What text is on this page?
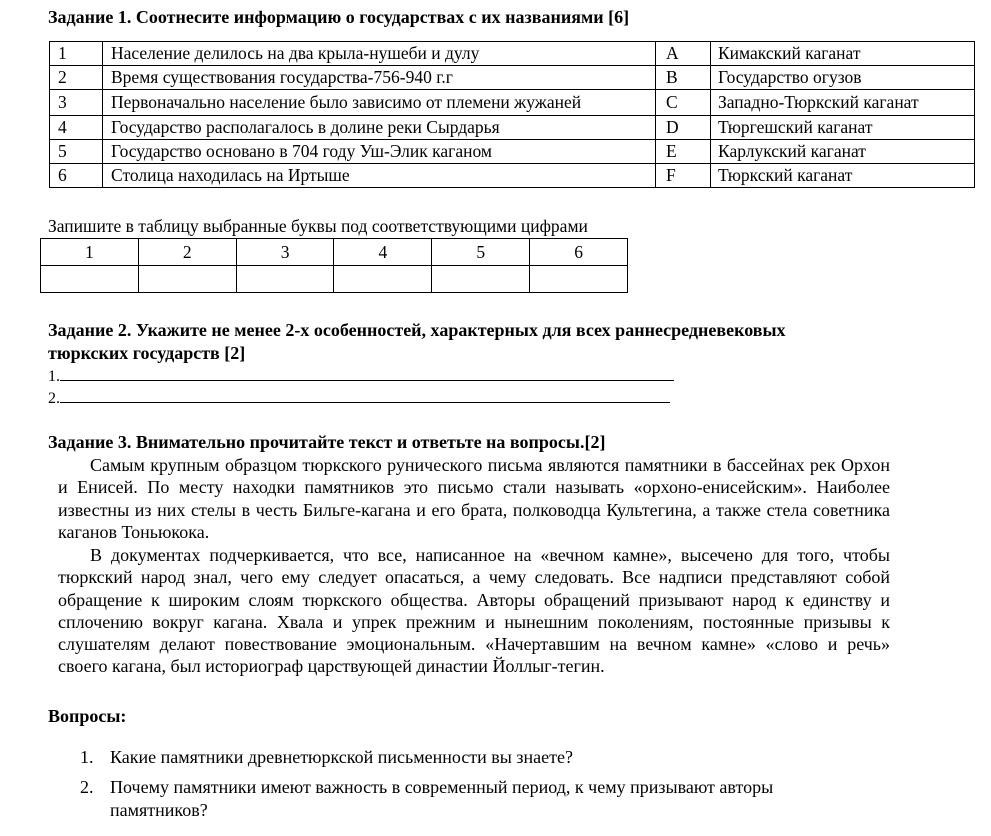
Задание 1. Соотнесите информацию о государствах с их названиями [6]
1	Население делилось на два крыла-нушеби и дулу	A	Кимакский каганат
2	Время существования государства-756-940 г.г	B	Государство огузов
3	Первоначально население было зависимо от племени жужаней	C	Западно-Тюркский каганат
4	Государство располагалось в долине реки Сырдарья	D	Тюргешский каганат
5	Государство основано в 704 году Уш-Элик каганом	E	Карлукский каганат
6	Столица находилась на Иртыше	F	Тюркский каганат
Запишите в таблицу выбранные буквы под соответствующими цифрами
1	2	3	4	5	6

Задание 2. Укажите не менее 2-х особенностей, характерных для всех раннесредневековых
тюркских государств [2]
1.
2.
Задание 3. Внимательно прочитайте текст и ответьте на вопросы.[2]

Самым крупным образцом тюркского рунического письма являются памятники в бассейнах рек Орхон и Енисей. По месту находки памятников это письмо стали называть «орхоно-енисейским». Наиболее известны из них стелы в честь Бильге-кагана и его брата, полководца Культегина, а также стела советника каганов Тоньюкока.

В документах подчеркивается, что все, написанное на «вечном камне», высечено для того, чтобы тюркский народ знал, чего ему следует опасаться, а чему следовать. Все надписи представляют собой обращение к широким слоям тюркского общества. Авторы обращений призывают народ к единству и сплочению вокруг кагана. Хвала и упрек прежним и нынешним поколениям, постоянные призывы к слушателям делают повествование эмоциональным. «Начертавшим на вечном камне» «слово и речь» своего кагана, был историограф царствующей династии Йоллыг-тегин.

Вопросы:
1. Какие памятники древнетюркской письменности вы знаете?
2. Почему памятники имеют важность в современный период, к чему призывают авторы памятников?
